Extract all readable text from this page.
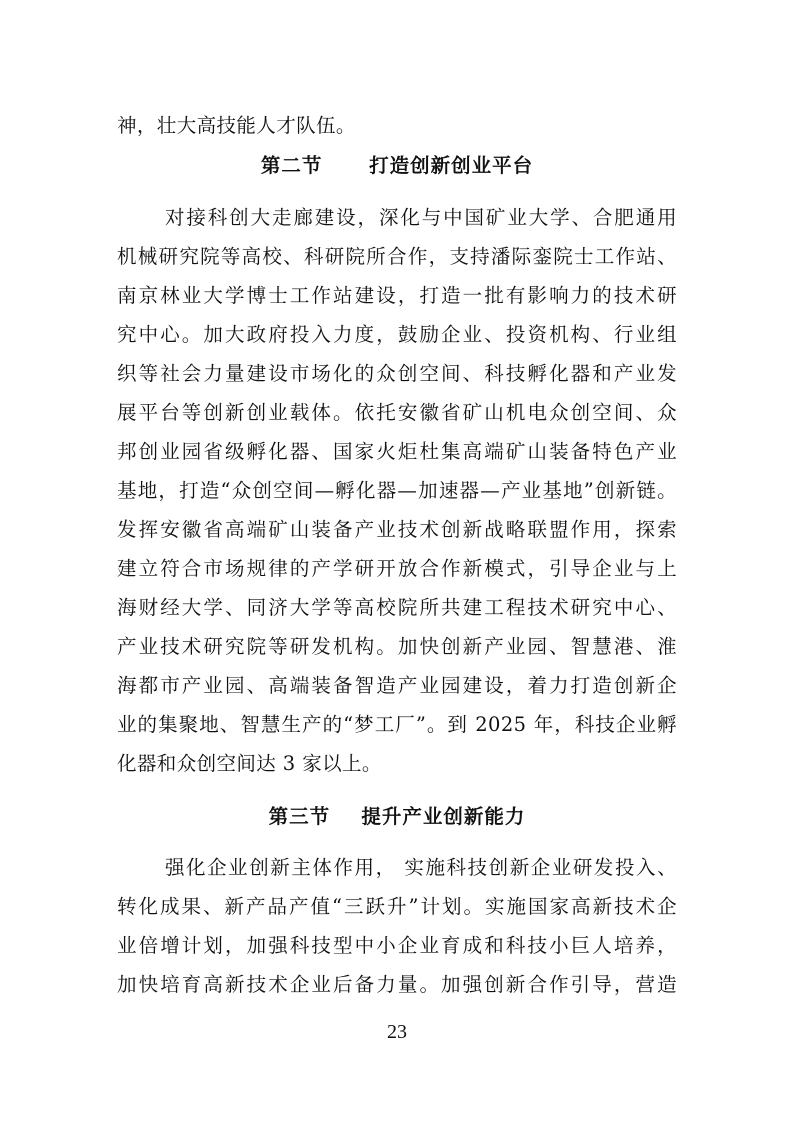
神，壮大高技能人才队伍。
第二节      打造创新创业平台
对接科创大走廊建设，深化与中国矿业大学、合肥通用
机械研究院等高校、科研院所合作，支持潘际銮院士工作站、
南京林业大学博士工作站建设，打造一批有影响力的技术研
究中心。加大政府投入力度，鼓励企业、投资机构、行业组
织等社会力量建设市场化的众创空间、科技孵化器和产业发
展平台等创新创业载体。依托安徽省矿山机电众创空间、众
邦创业园省级孵化器、国家火炬杜集高端矿山装备特色产业
基地，打造“众创空间—孵化器—加速器—产业基地”创新链。
发挥安徽省高端矿山装备产业技术创新战略联盟作用，探索
建立符合市场规律的产学研开放合作新模式，引导企业与上
海财经大学、同济大学等高校院所共建工程技术研究中心、
产业技术研究院等研发机构。加快创新产业园、智慧港、淮
海都市产业园、高端装备智造产业园建设，着力打造创新企
业的集聚地、智慧生产的“梦工厂”。到 2025 年，科技企业孵
化器和众创空间达 3 家以上。
第三节    提升产业创新能力
强化企业创新主体作用， 实施科技创新企业研发投入、
转化成果、新产品产值“三跃升”计划。实施国家高新技术企
业倍增计划，加强科技型中小企业育成和科技小巨人培养，
加快培育高新技术企业后备力量。加强创新合作引导，营造
23
